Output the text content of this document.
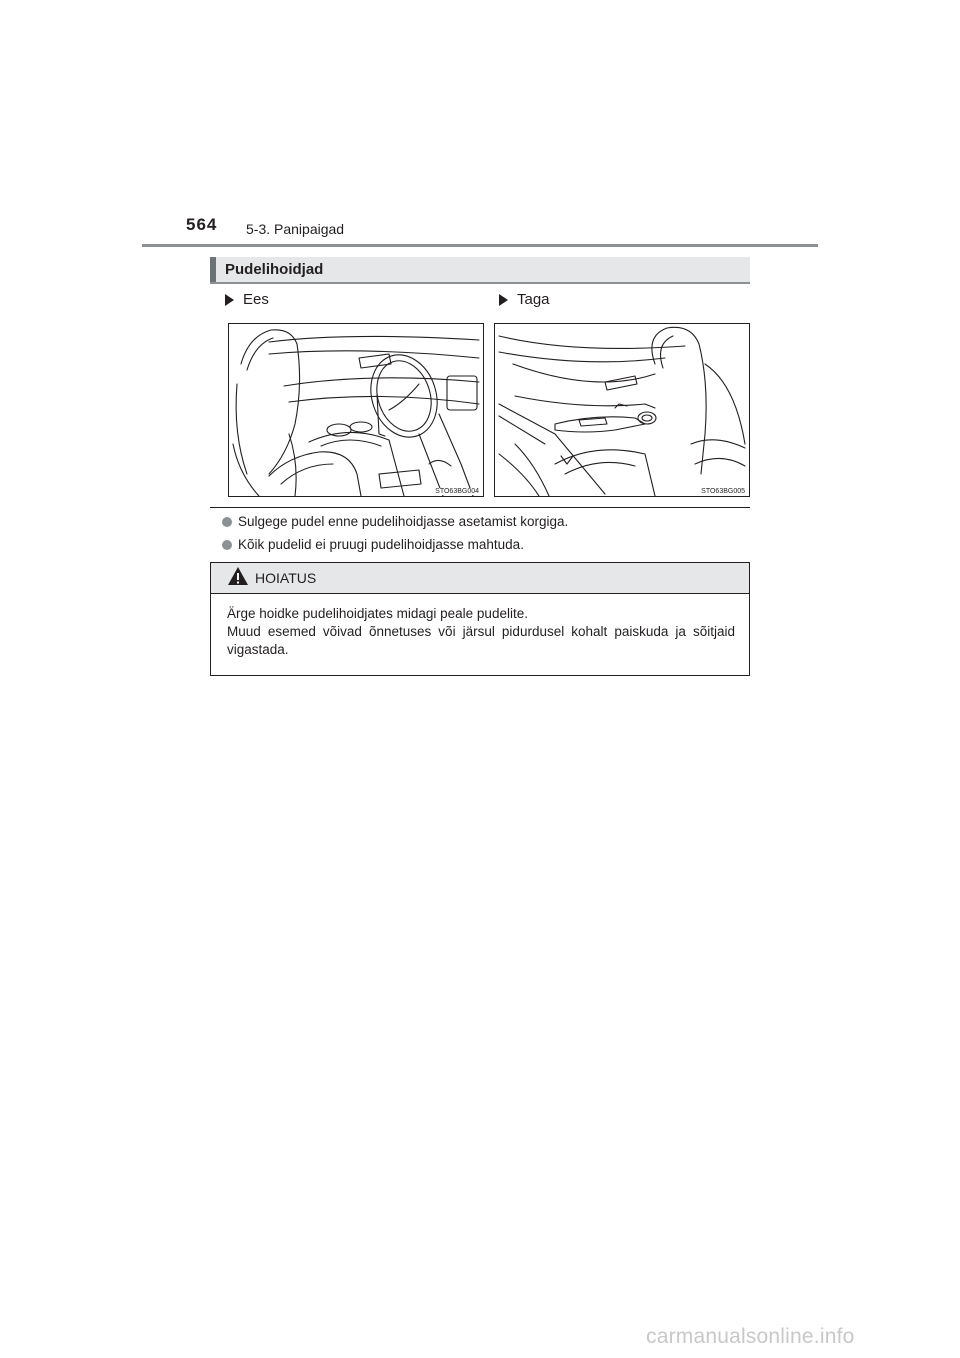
564 5-3. Panipaigad
Pudelihoidjad
Ees	Taga
STO63BG004	STO63BG005
Sulgege pudel enne pudelihoidjasse asetamist korgiga.
Kõik pudelid ei pruugi pudelihoidjasse mahtuda.
HOIATUS

Ärge hoidke pudelihoidjates midagi peale pudelite.

Muud esemed võivad õnnetuses või järsul pidurdusel kohalt paiskuda ja sõitjaid vigastada.

carmanualsonline.info
